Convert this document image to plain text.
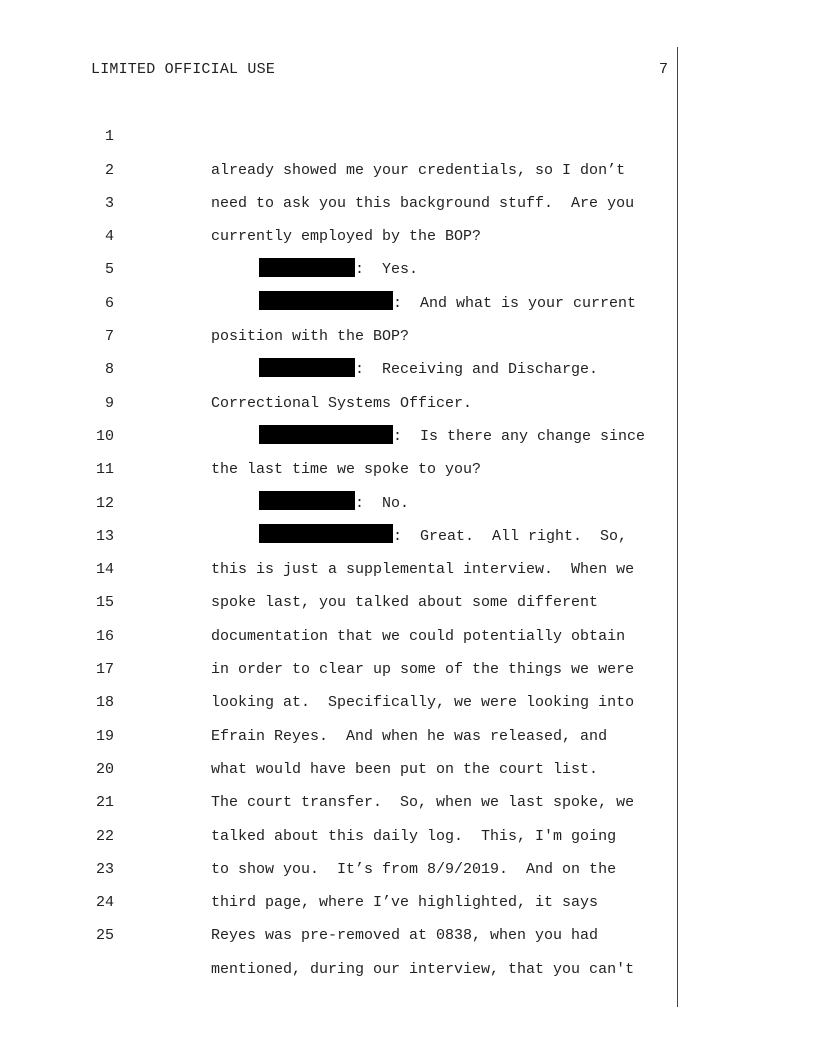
LIMITED OFFICIAL USE	7

1

already showed me your credentials, so I don’t

2

need to ask you this background stuff.  Are you

3

currently employed by the BOP?

4

:  Yes.

5

:  And what is your current

6

position with the BOP?

7

:  Receiving and Discharge.

8

Correctional Systems Officer.

9

:  Is there any change since

10

the last time we spoke to you?

11

:  No.

12

:  Great.  All right.  So,

13

this is just a supplemental interview.  When we

14

spoke last, you talked about some different

15

documentation that we could potentially obtain

16

in order to clear up some of the things we were

17

looking at.  Specifically, we were looking into

18

Efrain Reyes.  And when he was released, and

19

what would have been put on the court list.

20

The court transfer.  So, when we last spoke, we

21

talked about this daily log.  This, I'm going

22

to show you.  It’s from 8/9/2019.  And on the

23

third page, where I’ve highlighted, it says

24

Reyes was pre-removed at 0838, when you had

25

mentioned, during our interview, that you can't
